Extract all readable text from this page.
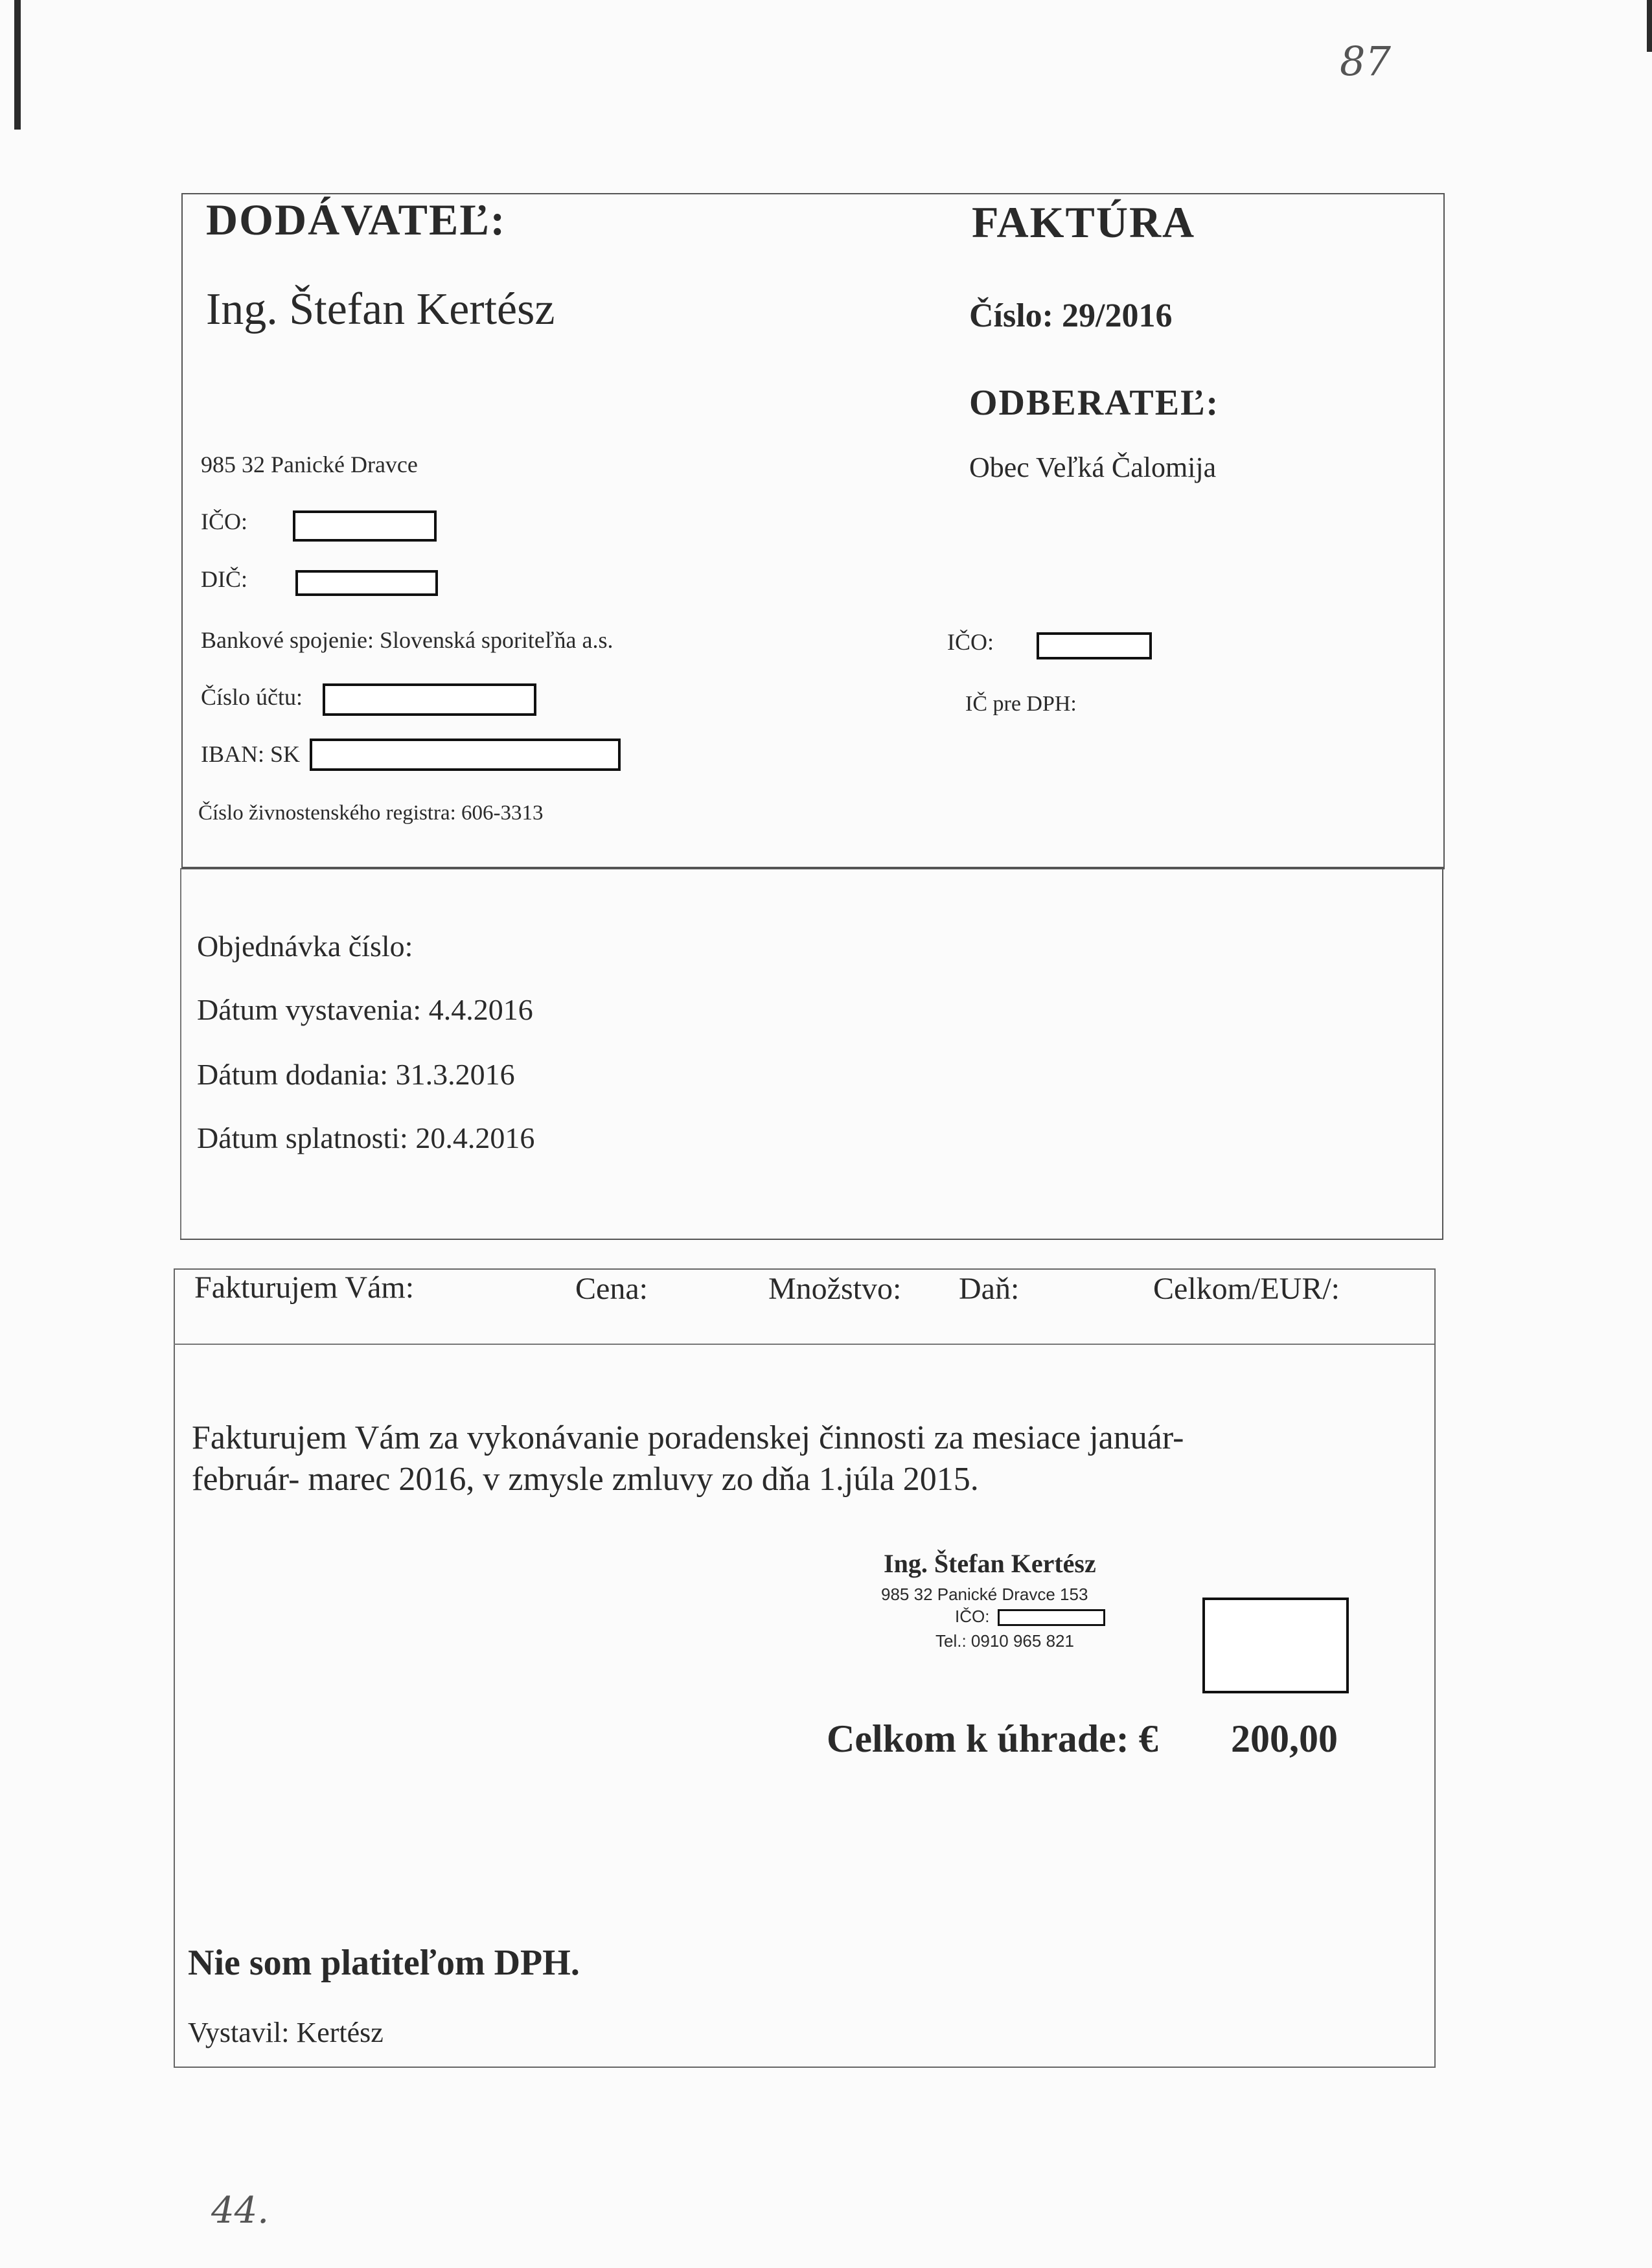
87
DODÁVATEĽ:
Ing. Štefan Kertész
985 32 Panické Dravce
IČO:
DIČ:
Bankové spojenie: Slovenská sporiteľňa a.s.
Číslo účtu:
IBAN: SK
Číslo živnostenského registra: 606-3313
FAKTÚRA
Číslo: 29/2016
ODBERATEĽ:
Obec Veľká Čalomija
IČO:
IČ pre DPH:
Objednávka číslo:
Dátum vystavenia: 4.4.2016
Dátum dodania: 31.3.2016
Dátum splatnosti: 20.4.2016
Fakturujem Vám:	Cena:	Množstvo: Daň:	Celkom/EUR/:
Fakturujem Vám za vykonávanie poradenskej činnosti za mesiace január-
február- marec 2016, v zmysle zmluvy zo dňa 1.júla 2015.
Ing. Štefan Kertész
985 32 Panické Dravce 153
IČO:
Tel.: 0910 965 821
Celkom k úhrade: € 200,00
Nie som platiteľom DPH.
Vystavil: Kertész
44.
